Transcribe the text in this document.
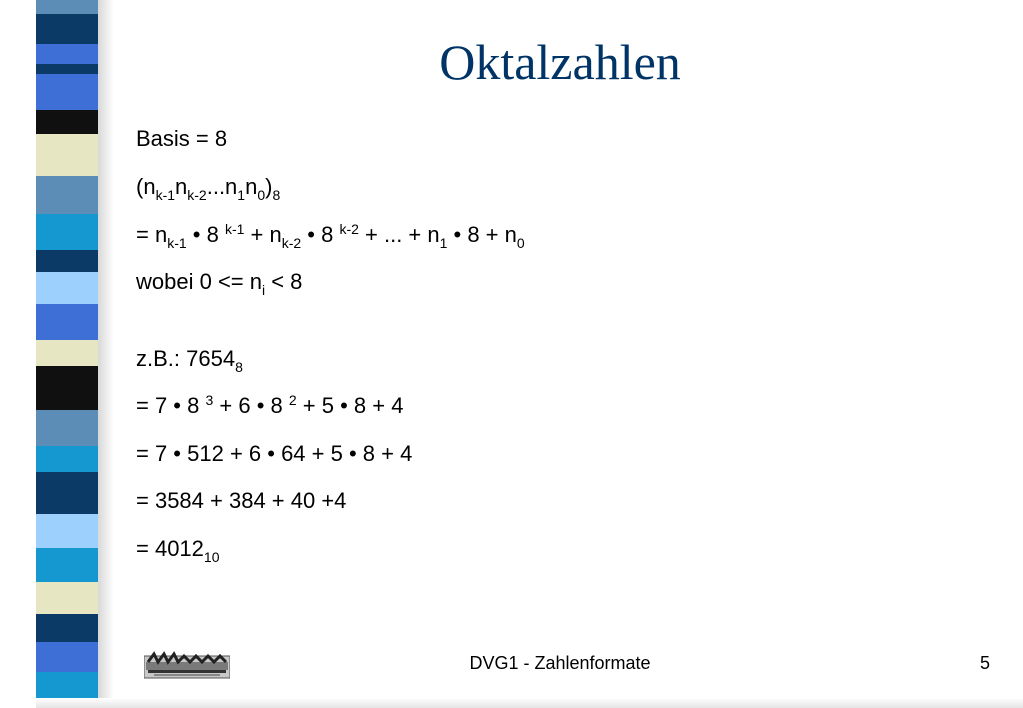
Oktalzahlen
Basis = 8
$(n_{k-1}n_{k-2}...n_1n_0)_8$
= $n_{k-1}$ • 8 $^{k-1} + n_{k-2}$ • 8 $^{k-2}$ + ... + $n_1$ • $8 + n_0$
wobei $0 <= n_i < 8$
z.B.: $7654_8$
= 7 • 8 $^3$ + 6 • 8 $^2$ + 5 • 8 + 4
= 7 • 512 + 6 • 64 + 5 • 8 + 4
= 3584 + 384 + 40 +4
= $4012_{10}$
DVG1 - Zahlenformate	5
